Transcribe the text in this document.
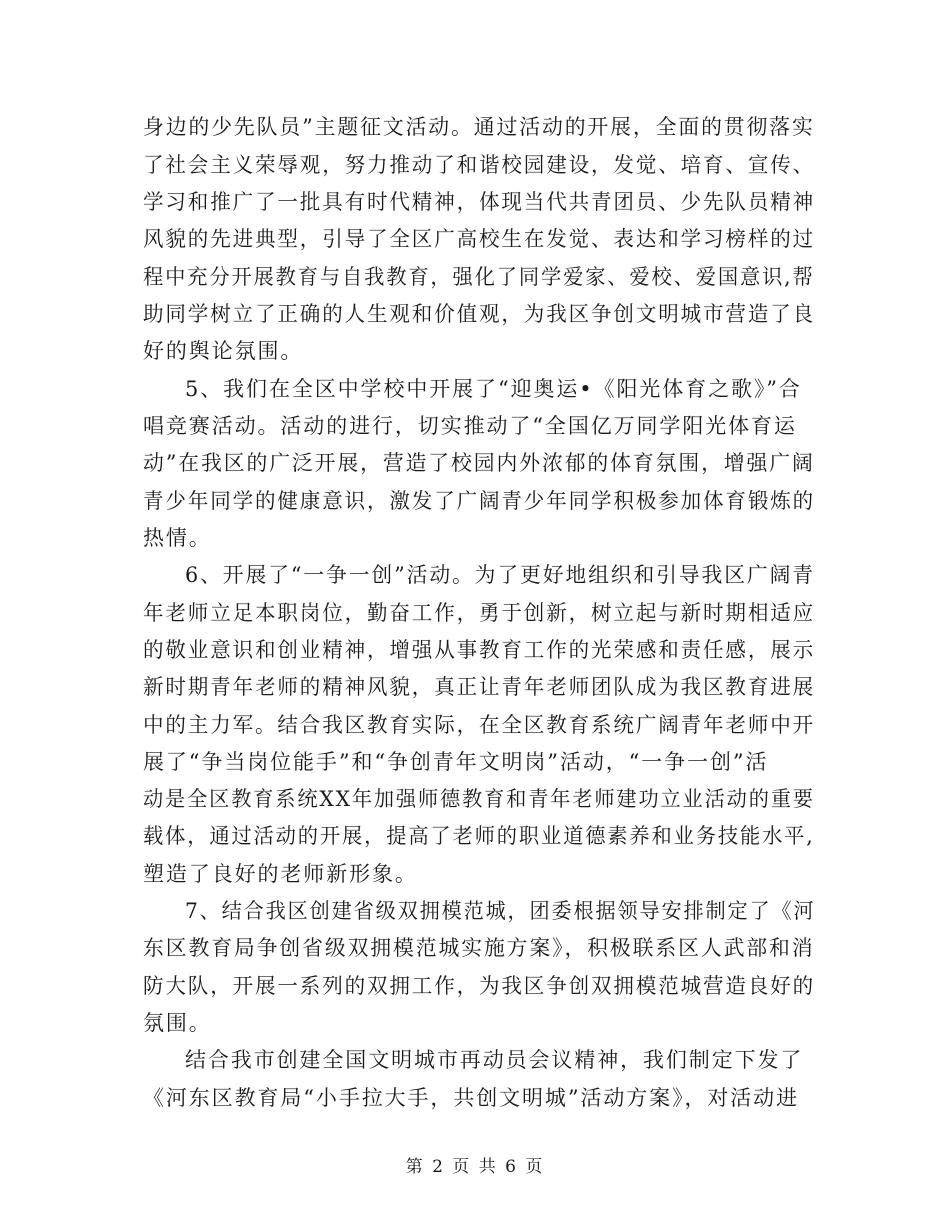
身边的少先队员”主题征文活动。通过活动的开展，全面的贯彻落实
了社会主义荣辱观，努力推动了和谐校园建设，发觉、培育、宣传、
学习和推广了一批具有时代精神，体现当代共青团员、少先队员精神
风貌的先进典型，引导了全区广高校生在发觉、表达和学习榜样的过
程中充分开展教育与自我教育，强化了同学爱家、爱校、爱国意识,帮
助同学树立了正确的人生观和价值观，为我区争创文明城市营造了良
好的舆论氛围。
5、我们在全区中学校中开展了“迎奥运•《阳光体育之歌》”合
唱竞赛活动。活动的进行，切实推动了“全国亿万同学阳光体育运
动”在我区的广泛开展，营造了校园内外浓郁的体育氛围，增强广阔
青少年同学的健康意识，激发了广阔青少年同学积极参加体育锻炼的
热情。
6、开展了“一争一创”活动。为了更好地组织和引导我区广阔青
年老师立足本职岗位，勤奋工作，勇于创新，树立起与新时期相适应
的敬业意识和创业精神，增强从事教育工作的光荣感和责任感，展示
新时期青年老师的精神风貌，真正让青年老师团队成为我区教育进展
中的主力军。结合我区教育实际，在全区教育系统广阔青年老师中开
展了“争当岗位能手”和“争创青年文明岗”活动，“一争一创”活
动是全区教育系统XX年加强师德教育和青年老师建功立业活动的重要
载体，通过活动的开展，提高了老师的职业道德素养和业务技能水平,
塑造了良好的老师新形象。
7、结合我区创建省级双拥模范城，团委根据领导安排制定了《河
东区教育局争创省级双拥模范城实施方案》，积极联系区人武部和消
防大队，开展一系列的双拥工作，为我区争创双拥模范城营造良好的
氛围。
结合我市创建全国文明城市再动员会议精神，我们制定下发了
《河东区教育局“小手拉大手，共创文明城”活动方案》，对活动进
第 2 页 共 6 页
